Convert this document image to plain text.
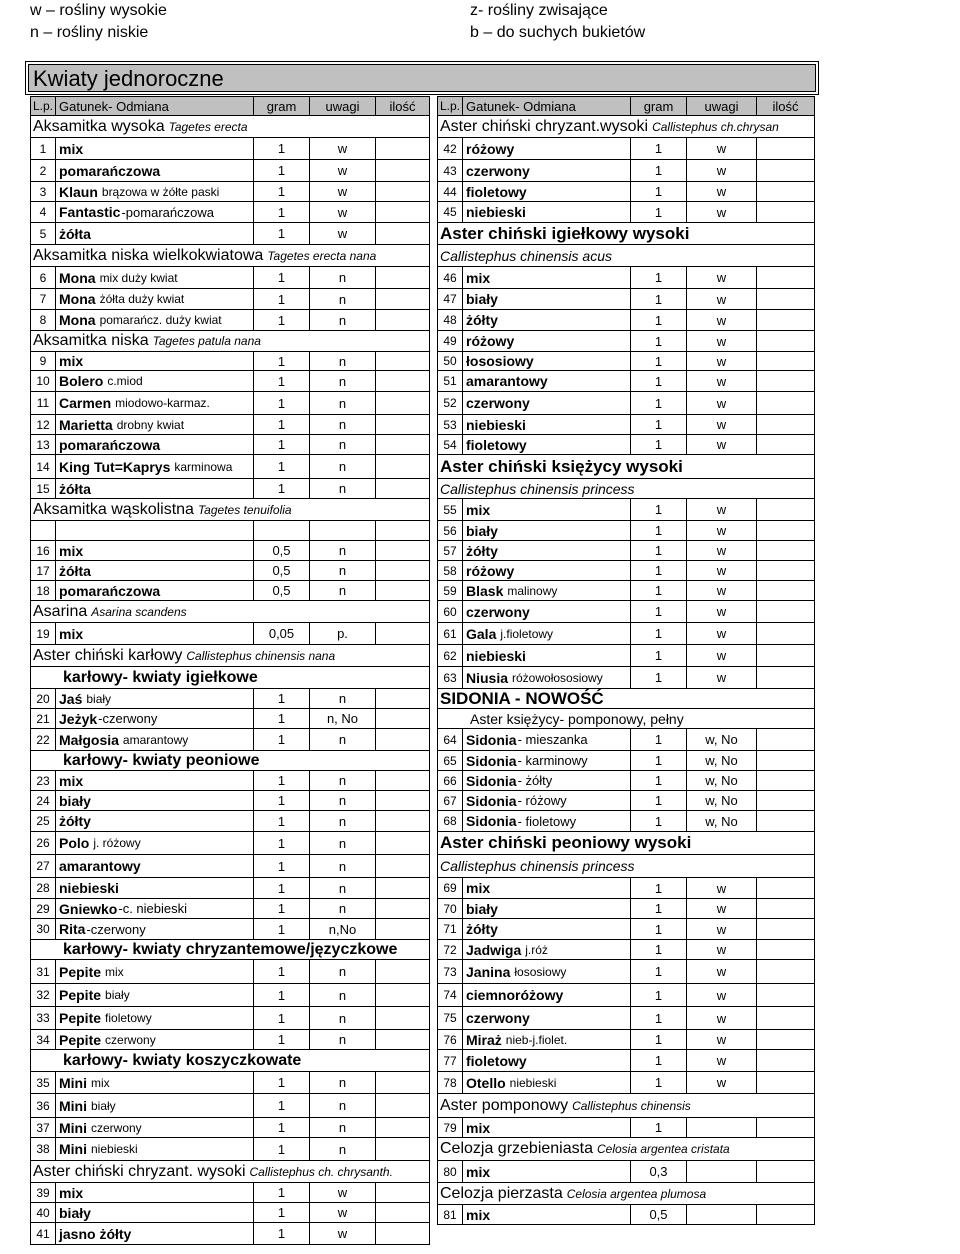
w – rośliny wysokie
n – rośliny niskie
z- rośliny zwisające
b – do suchych bukietów
Kwiaty jednoroczne
L.p. Gatunek- Odmiana	gram	uwagi	ilość
Aksamitka wysoka Tagetes erecta
1 mix	1	w
2 pomarańczowa	1	w
3 Klaun brązowa w żółte paski	1	w
4 Fantastic -pomarańczowa	1	w
5 żółta	1	w
Aksamitka niska wielkokwiatowa Tagetes erecta nana
6 Mona mix duży kwiat	1	n
7 Mona żółta duży kwiat	1	n
8 Mona pomarańcz. duży kwiat	1	n
Aksamitka niska Tagetes patula nana
9 mix	1	n
10 Bolero c.miod	1	n
11 Carmen miodowo-karmaz.	1	n
12 Marietta drobny kwiat	1	n
13 pomarańczowa	1	n
14 King Tut=Kaprys karminowa	1	n
15 żółta	1	n
Aksamitka wąskolistna Tagetes tenuifolia
16 mix	0,5	n
17 żółta	0,5	n
18 pomarańczowa	0,5	n
Asarina Asarina scandens
19 mix	0,05	p.
Aster chiński karłowy Callistephus chinensis nana
karłowy- kwiaty igiełkowe
20 Jaś biały	1	n
21 Jeżyk -czerwony	1	n, No
22 Małgosia amarantowy	1	n
karłowy- kwiaty peoniowe
23 mix	1	n
24 biały	1	n
25 żółty	1	n
26 Polo j. różowy	1	n
27 amarantowy	1	n
28 niebieski	1	n
29 Gniewko -c. niebieski	1	n
30 Rita -czerwony	1	n,No
karłowy- kwiaty chryzantemowe/języczkowe
31 Pepite mix	1	n
32 Pepite biały	1	n
33 Pepite fioletowy	1	n
34 Pepite czerwony	1	n
karłowy- kwiaty koszyczkowate
35 Mini mix	1	n
36 Mini biały	1	n
37 Mini czerwony	1	n
38 Mini niebieski	1	n
Aster chiński chryzant. wysoki Callistephus ch. chrysanth.
39 mix	1	w
40 biały	1	w
41 jasno żółty	1	w
L.p. Gatunek- Odmiana	gram	uwagi	ilość
Aster chiński chryzant.wysoki Callistephus ch.chrysan
42 różowy	1	w
43 czerwony	1	w
44 fioletowy	1	w
45 niebieski	1	w
Aster chiński igiełkowy wysoki
Callistephus chinensis acus
46 mix	1	w
47 biały	1	w
48 żółty	1	w
49 różowy	1	w
50 łososiowy	1	w
51 amarantowy	1	w
52 czerwony	1	w
53 niebieski	1	w
54 fioletowy	1	w
Aster chiński księżycy wysoki
Callistephus chinensis princess
55 mix	1	w
56 biały	1	w
57 żółty	1	w
58 różowy	1	w
59 Blask malinowy	1	w
60 czerwony	1	w
61 Gala j.fioletowy	1	w
62 niebieski	1	w
63 Niusia różowołososiowy	1	w
SIDONIA - NOWOŚĆ
Aster księżycy- pomponowy, pełny
64 Sidonia - mieszanka	1	w, No
65 Sidonia - karminowy	1	w, No
66 Sidonia - żółty	1	w, No
67 Sidonia - różowy	1	w, No
68 Sidonia - fioletowy	1	w, No
Aster chiński peoniowy wysoki
Callistephus chinensis princess
69 mix	1	w
70 biały	1	w
71 żółty	1	w
72 Jadwiga j.róż	1	w
73 Janina łososiowy	1	w
74 ciemnoróżowy	1	w
75 czerwony	1	w
76 Miraż nieb-j.fiolet.	1	w
77 fioletowy	1	w
78 Otello niebieski	1	w
Aster pomponowy Callistephus chinensis
79 mix	1
Celozja grzebieniasta Celosia argentea cristata
80 mix	0,3
Celozja pierzasta Celosia argentea plumosa
81 mix	0,5
